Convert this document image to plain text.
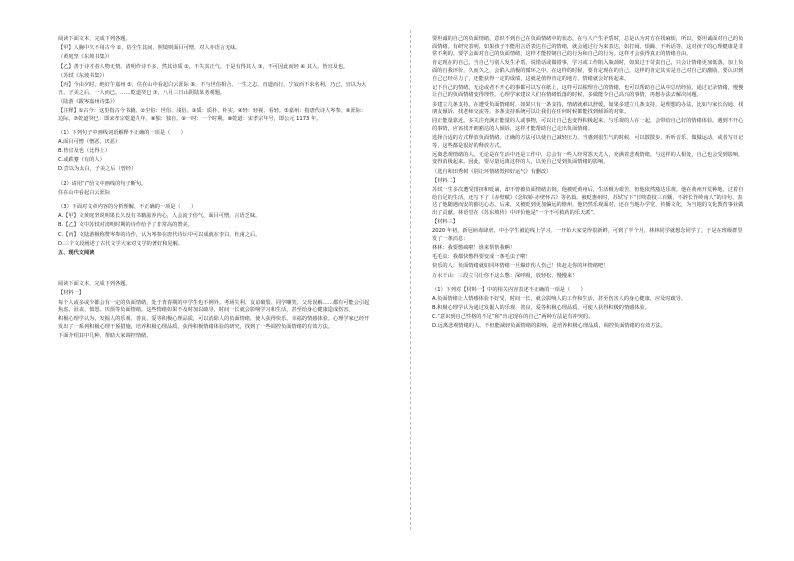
阅读下面文本，完成下列各题。

【甲】人胸中久不用古今 ①，俗尘生其间，照镜则面目可憎，对人亦语言无味。

（黄庭坚《东坡书集》）

【乙】善于诗才者人物无情。清明作诗不多，然其诗质 ②，不失其正气。于是有得其人 ③，不可因此而轻 ④ 其人，皆宜及也。

（苏轼《东坡书集》）

【丙】今由夕时，绝好午嘉州 ⑤，住在山中看起白云涯际 ⑥，不与世俗相合，一生之志。直道而行，宁寂而不求名利，乃已，宜以为大丑，子美之后，一人而已。……乾道癸巳 ⑦，八月三日山阴陆某务观题。

（陆游《跋岑嘉州诗集》）

【注释】①古今：这里指古今书籍。②尘俗：世俗、浅俗。③质：质朴、朴实。④轻：轻视、看轻。⑤嘉州：指唐代诗人岑参。⑥涯际：边际。⑦乾道癸巳：即宋孝宗乾道九年。⑧独：独自。⑨一时：一个时期。⑩乾道：宋孝宗年号，即公元 1173 年。

（1）下列句子中画线词语解释不正确的一项是（　　）

A.面目可憎（憎恶，厌恶）

B.皆宜及也（比得上）

C.或跌蹇（有的人）

D.尝以为太白，子美之后（曾经）

（2）请用“/”给文中画线的句子断句。

住在山中看起白云涯际

（3）下面对文章内容的分析理解，不正确的一项是（　　）

A.【甲】文黄庭坚说明果长久没有书籍滋养内心，人会流于俗气，面目可憎，言语乏味。

B.【乙】文中苏轼对清明时期的诗作给予了非常高的赞美。

C.【丙】文陆游极称赞岑参的诗作，认为岑参在唐代诗坛中可以成就在李白、杜甫之后。

D.三个文段阐述了古代文学大家对文学的著好和见解。

五、现代文阅读

阅读下面文本，完成下列各题。

【材料一】

每个人或多或少都会有一定的负面情绪，处于青春期的中学生也不例外。考场失利、友谊破裂、同学嘲笑、父母误解……都有可能会引起焦虑、沮丧、愤怒、厌烦等负面情绪。这些情绪如果不及时加以疏导，时间一长就会影响学习和生活，甚至给身心健康造成伤害。

积极心理学认为，发掘人的乐观、善良、爱等积极心理品质，可以消除人的负面情绪，使人获得快乐、幸福的情感体验。心理学家已经开发出了一系列积极心理干预措施，培养积极心理品质，获得积极情绪体验的研究，找到了一些调控负面情绪的有效方法。

下面介绍其中几种，帮助大家调控情绪。

要坦诚的自己的负面情绪。意识不到自己在负面情绪中的状态，在与人产生矛盾时，总是认为对方在找麻烦，所以，要坦诚面对自己的负面情绪。有研究表明，如果孩子不能用言语表达自己的情绪，就会通过行为来表达，如打闹、烦躁、不听话等，这对孩子的心理健康是非常不利的。要学会面对自己的负面情绪，这样才能控制自己的行为和自己的行为，这样才会获得真正的情绪自由。

肯定现在的自己。当自己与别人发生矛盾，说错话或做错事，学习或工作陷入瓶颈时，如果过于苛责自己，只会让情绪更加低落。加上负面的自我评价，久而久之，会陷入消极的循环之中。在这样的时候，要肯定现在的自己，这样的肯定其实是自己对自己的激励，要认识到自己已经尽力了，还能获得一定的成绩，这就是值得肯定的地方，情绪就会好转起来。

记下自己的情绪。无论或者不开心的事都可以写在纸上，这样可以梳理自己的情绪，也可以帮助自己从中总结经验。通过记录情绪，慢慢让自己的负面情绪变得理性。心理学家建议人们在情绪低落的时候，多做能令自己高兴的事情，再想办法去解决问题。

多建立几条支持。在遭受负面情绪时，如果只有一条支持，情绪就难以舒缓。如果多建立几条支持，是理想的办法，比如与家长沟通、找朋友倾诉、找老师交流等。多条支持系统可以让我们在任何时候都能找到倾诉的对象。

同正能量靠近。多关注充满正能量的人或事物，可以让自己也变得积极起来，与乐观的人在一起，会带给自己好的情绪体验。遇到不开心的事情，应该找开朗豁达的人倾诉，这样才能帮助自己走出负面情绪。

选择合适的方式释放负面情绪。正确的方法可以使自己减轻压力。当感到很生气的时候，可以散散步、听听音乐、做做运动，或者写日记等，这些都是很好的释放方式。

远离悲观情绪的人。无论是在生活中还是工作中，总会有一些人经常怨天尤人，充满着悲观情绪。与这样的人相处，自己也会受到影响，变得消极起来。因此，要尽量远离这样的人，以免自己受到负面情绪的影响。

（选自和田秀树《别让坏情绪毁掉好运气》有删改）

【材料二】

苏轼一生多次遭受排挤和贬谪，却不曾被负面情绪击倒。他被贬黄州后，生活极为艰苦，但他依然豁达乐观。他在黄州开荒种地，过着自给自足的生活，还写下了《赤壁赋》《念奴娇·赤壁怀古》等名篇。被贬惠州时，苏轼写下“日啖荔枝三百颗，不辞长作岭南人”的诗句，表达了他随遇而安的豁达心态。后来，又被贬到更加偏远的儋州，他仍然乐观面对，还在当地办学堂、传播文化，为当地的文化教育事业做出了贡献。林语堂在《苏东坡传》中评价他是“一个不可救药的乐天派”。

【材料三】

2020 年初，新冠病毒肆虐，中小学生被迫线上学习。一开始大家觉得很新鲜，可到了半个月，林林同学就想念同学了，于是在班级群里发了一条消息：

林林：我要憋疯啦！谁来帮帮我啊！

毛毛虫：我都快憋得要变成一条毛虫子啦！

快乐的人：负面情绪就如同坏情绪一旦爆炸伤人伤己！快赶走你的坏情绪吧！

万水千山：三段立马让你不这么憋：深呼吸，放轻松，慢慢来！

（1）下列对【材料一】中的相关内容表述不正确的一项是（　　）

A.负面情绪让人情感体验不好受，时间一长，就会影响人的工作和生活，甚至伤害人的身心健康，应及时疏导。

B.积极心理学认为通过发掘人的乐观、善良、爱等积极心理品质，可使人获得积极的情感体验。

C.“意识到自己性格的不足”和“肯定现在的自己”两种方法是有冲突的。

D.远离悲观情绪的人，不但能减轻负面情绪的影响，是培养积极心理品质，调控负面情绪的有效方法。
